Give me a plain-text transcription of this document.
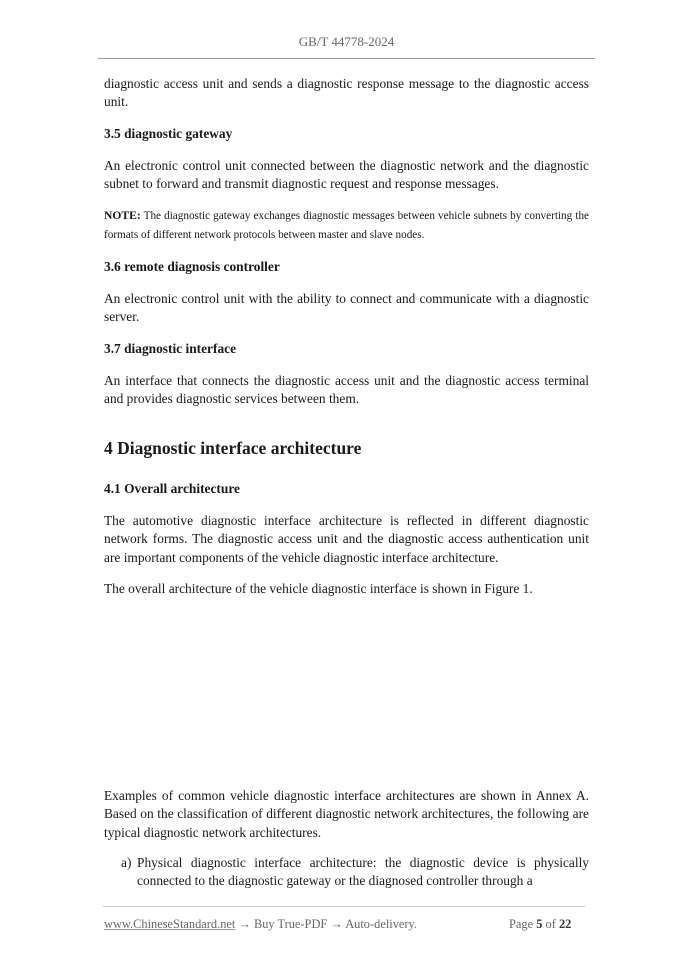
GB/T 44778-2024
diagnostic access unit and sends a diagnostic response message to the diagnostic access unit.
3.5 diagnostic gateway
An electronic control unit connected between the diagnostic network and the diagnostic subnet to forward and transmit diagnostic request and response messages.
NOTE: The diagnostic gateway exchanges diagnostic messages between vehicle subnets by converting the formats of different network protocols between master and slave nodes.
3.6 remote diagnosis controller
An electronic control unit with the ability to connect and communicate with a diagnostic server.
3.7 diagnostic interface
An interface that connects the diagnostic access unit and the diagnostic access terminal and provides diagnostic services between them.
4 Diagnostic interface architecture
4.1 Overall architecture
The automotive diagnostic interface architecture is reflected in different diagnostic network forms. The diagnostic access unit and the diagnostic access authentication unit are important components of the vehicle diagnostic interface architecture.
The overall architecture of the vehicle diagnostic interface is shown in Figure 1.
Examples of common vehicle diagnostic interface architectures are shown in Annex A. Based on the classification of different diagnostic network architectures, the following are typical diagnostic network architectures.
a) Physical diagnostic interface architecture: the diagnostic device is physically connected to the diagnostic gateway or the diagnosed controller through a
www.ChineseStandard.net → Buy True-PDF → Auto-delivery.	Page 5 of 22
